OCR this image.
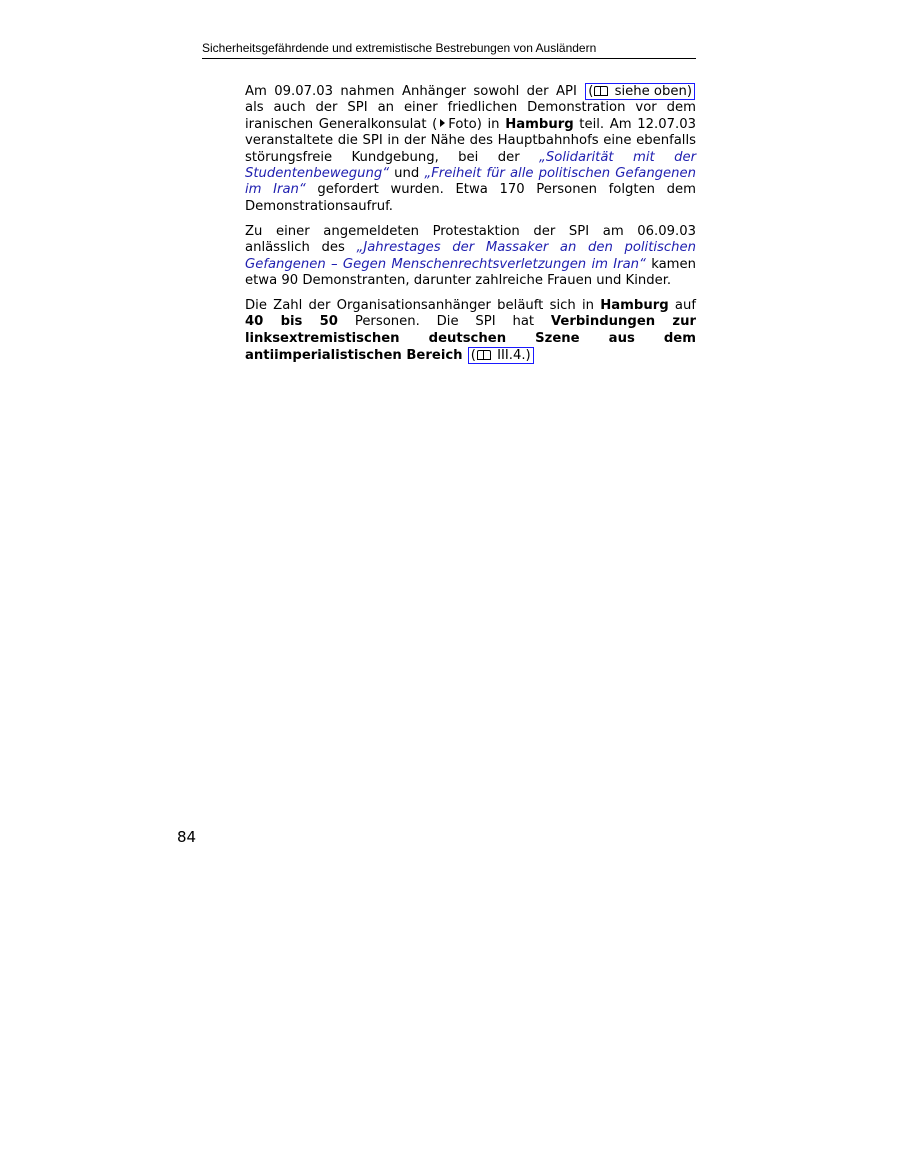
Sicherheitsgefährdende und extremistische Bestrebungen von Ausländern

Am 09.07.03 nahmen Anhänger sowohl der API ( siehe oben) als auch der SPI an einer friedlichen Demonstration vor dem iranischen Generalkonsulat ( Foto) in Hamburg teil. Am 12.07.03 veranstaltete die SPI in der Nähe des Hauptbahnhofs eine ebenfalls störungsfreie Kundgebung, bei der „Solidarität mit der Studentenbewegung“ und „Freiheit für alle politischen Gefangenen im Iran“ gefordert wurden. Etwa 170 Personen folgten dem Demonstrationsaufruf.

Zu einer angemeldeten Protestaktion der SPI am 06.09.03 anlässlich des „Jahrestages der Massaker an den politischen Gefangenen – Gegen Menschenrechtsverletzungen im Iran“ kamen etwa 90 Demonstranten, darunter zahlreiche Frauen und Kinder.

Die Zahl der Organisationsanhänger beläuft sich in Hamburg auf 40 bis 50 Personen. Die SPI hat Verbindungen zur linksextremistischen deutschen Szene aus dem antiimperialistischen Bereich ( III.4.)

84
